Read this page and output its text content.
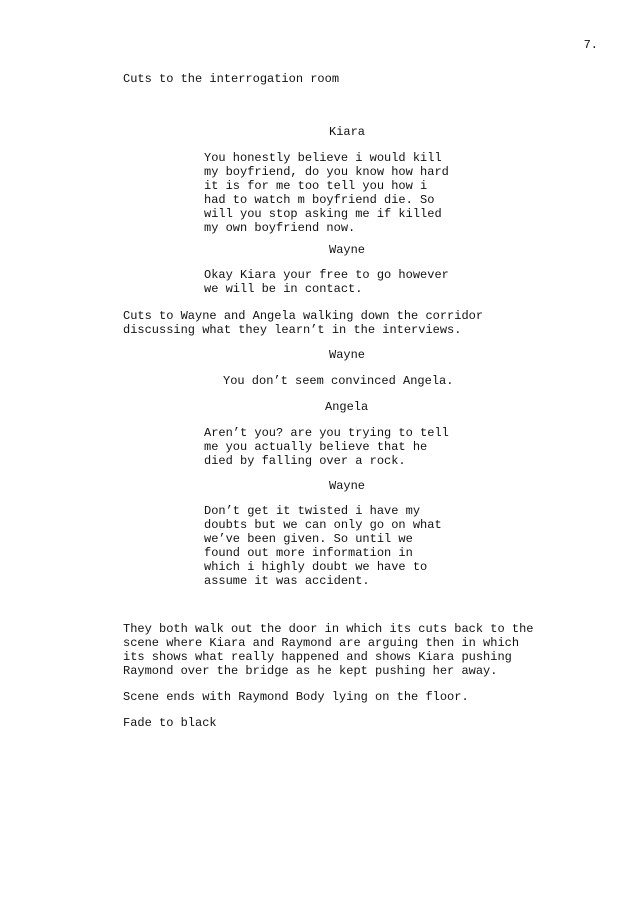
7.
Cuts to the interrogation room
Kiara
You honestly believe i would kill
my boyfriend, do you know how hard
it is for me too tell you how i
had to watch m boyfriend die. So
will you stop asking me if killed
my own boyfriend now.
Wayne
Okay Kiara your free to go however
we will be in contact.
Cuts to Wayne and Angela walking down the corridor
discussing what they learn’t in the interviews.
Wayne
You don’t seem convinced Angela.
Angela
Aren’t you? are you trying to tell
me you actually believe that he
died by falling over a rock.
Wayne
Don’t get it twisted i have my
doubts but we can only go on what
we’ve been given. So until we
found out more information in
which i highly doubt we have to
assume it was accident.
They both walk out the door in which its cuts back to the
scene where Kiara and Raymond are arguing then in which
its shows what really happened and shows Kiara pushing
Raymond over the bridge as he kept pushing her away.
Scene ends with Raymond Body lying on the floor.
Fade to black
